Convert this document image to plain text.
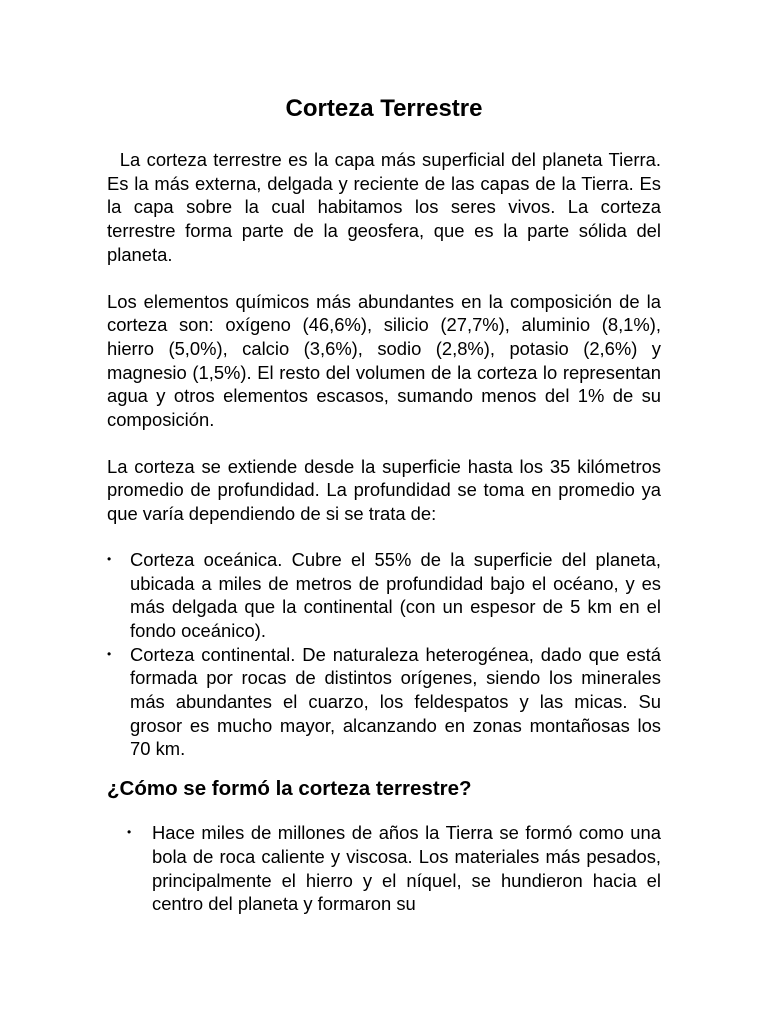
Corteza Terrestre

La corteza terrestre es la capa más superficial del planeta Tierra. Es la más externa, delgada y reciente de las capas de la Tierra. Es la capa sobre la cual habitamos los seres vivos. La corteza terrestre forma parte de la geosfera, que es la parte sólida del planeta.

Los elementos químicos más abundantes en la composición de la corteza son: oxígeno (46,6%), silicio (27,7%), aluminio (8,1%), hierro (5,0%), calcio (3,6%), sodio (2,8%), potasio (2,6%) y magnesio (1,5%). El resto del volumen de la corteza lo representan agua y otros elementos escasos, sumando menos del 1% de su composición.

La corteza se extiende desde la superficie hasta los 35 kilómetros promedio de profundidad. La profundidad se toma en promedio ya que varía dependiendo de si se trata de:

• Corteza oceánica. Cubre el 55% de la superficie del planeta, ubicada a miles de metros de profundidad bajo el océano, y es más delgada que la continental (con un espesor de 5 km en el fondo oceánico).
• Corteza continental. De naturaleza heterogénea, dado que está formada por rocas de distintos orígenes, siendo los minerales más abundantes el cuarzo, los feldespatos y las micas. Su grosor es mucho mayor, alcanzando en zonas montañosas los 70 km.
¿Cómo se formó la corteza terrestre?
• Hace miles de millones de años la Tierra se formó como una bola de roca caliente y viscosa. Los materiales más pesados, principalmente el hierro y el níquel, se hundieron hacia el centro del planeta y formaron su
